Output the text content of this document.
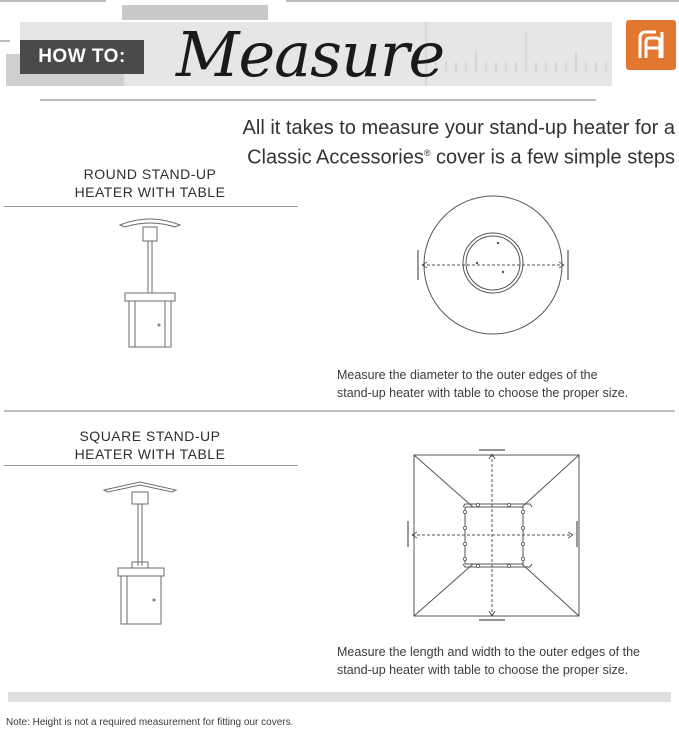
HOW TO: Measure
All it takes to measure your stand-up heater for a
Classic Accessories® cover is a few simple steps
ROUND STAND-UP
HEATER WITH TABLE
Measure the diameter to the outer edges of the
stand-up heater with table to choose the proper size.
SQUARE STAND-UP
HEATER WITH TABLE
Measure the length and width to the outer edges of the
stand-up heater with table to choose the proper size.
Note: Height is not a required measurement for fitting our covers.
